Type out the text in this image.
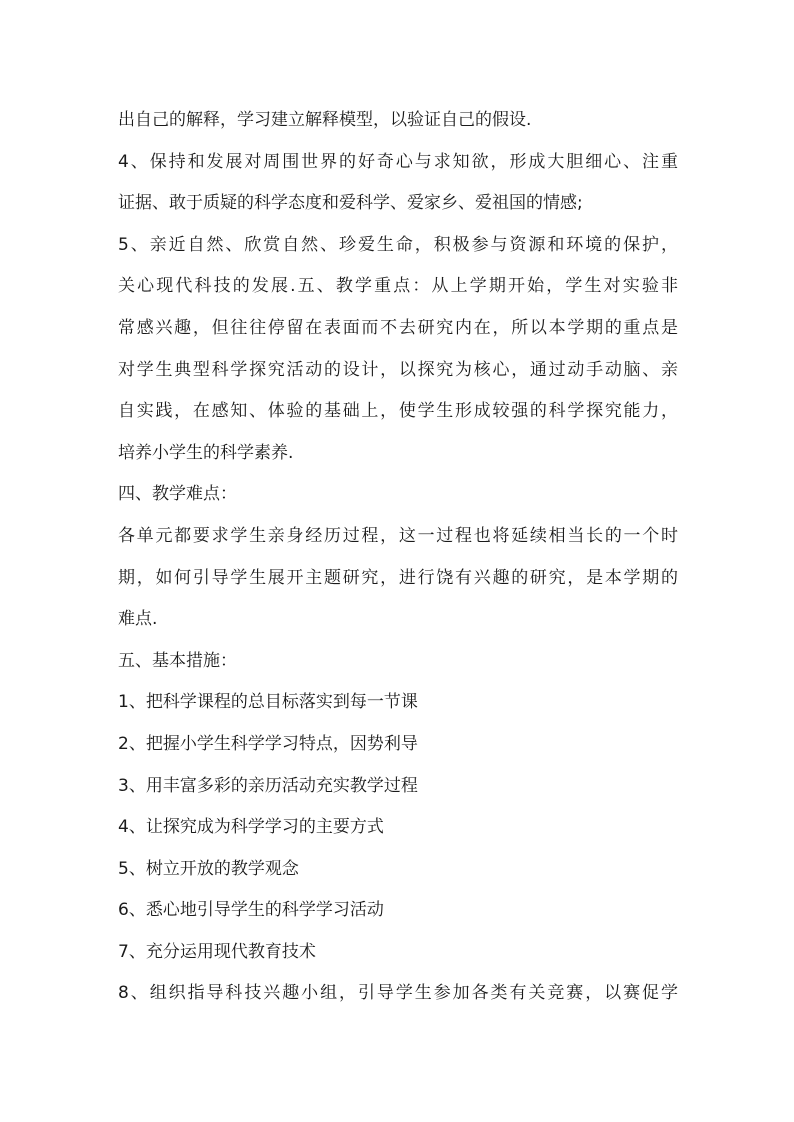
出自己的解释，学习建立解释模型，以验证自己的假设.
4、保持和发展对周围世界的好奇心与求知欲，形成大胆细心、注重
证据、敢于质疑的科学态度和爱科学、爱家乡、爱祖国的情感;
5、亲近自然、欣赏自然、珍爱生命，积极参与资源和环境的保护，
关心现代科技的发展.五、教学重点：从上学期开始，学生对实验非
常感兴趣，但往往停留在表面而不去研究内在，所以本学期的重点是
对学生典型科学探究活动的设计，以探究为核心，通过动手动脑、亲
自实践，在感知、体验的基础上，使学生形成较强的科学探究能力，
培养小学生的科学素养.
四、教学难点：
各单元都要求学生亲身经历过程，这一过程也将延续相当长的一个时
期，如何引导学生展开主题研究，进行饶有兴趣的研究，是本学期的
难点.
五、基本措施：
1、把科学课程的总目标落实到每一节课
2、把握小学生科学学习特点，因势利导
3、用丰富多彩的亲历活动充实教学过程
4、让探究成为科学学习的主要方式
5、树立开放的教学观念
6、悉心地引导学生的科学学习活动
7、充分运用现代教育技术
8、组织指导科技兴趣小组，引导学生参加各类有关竞赛，以赛促学
